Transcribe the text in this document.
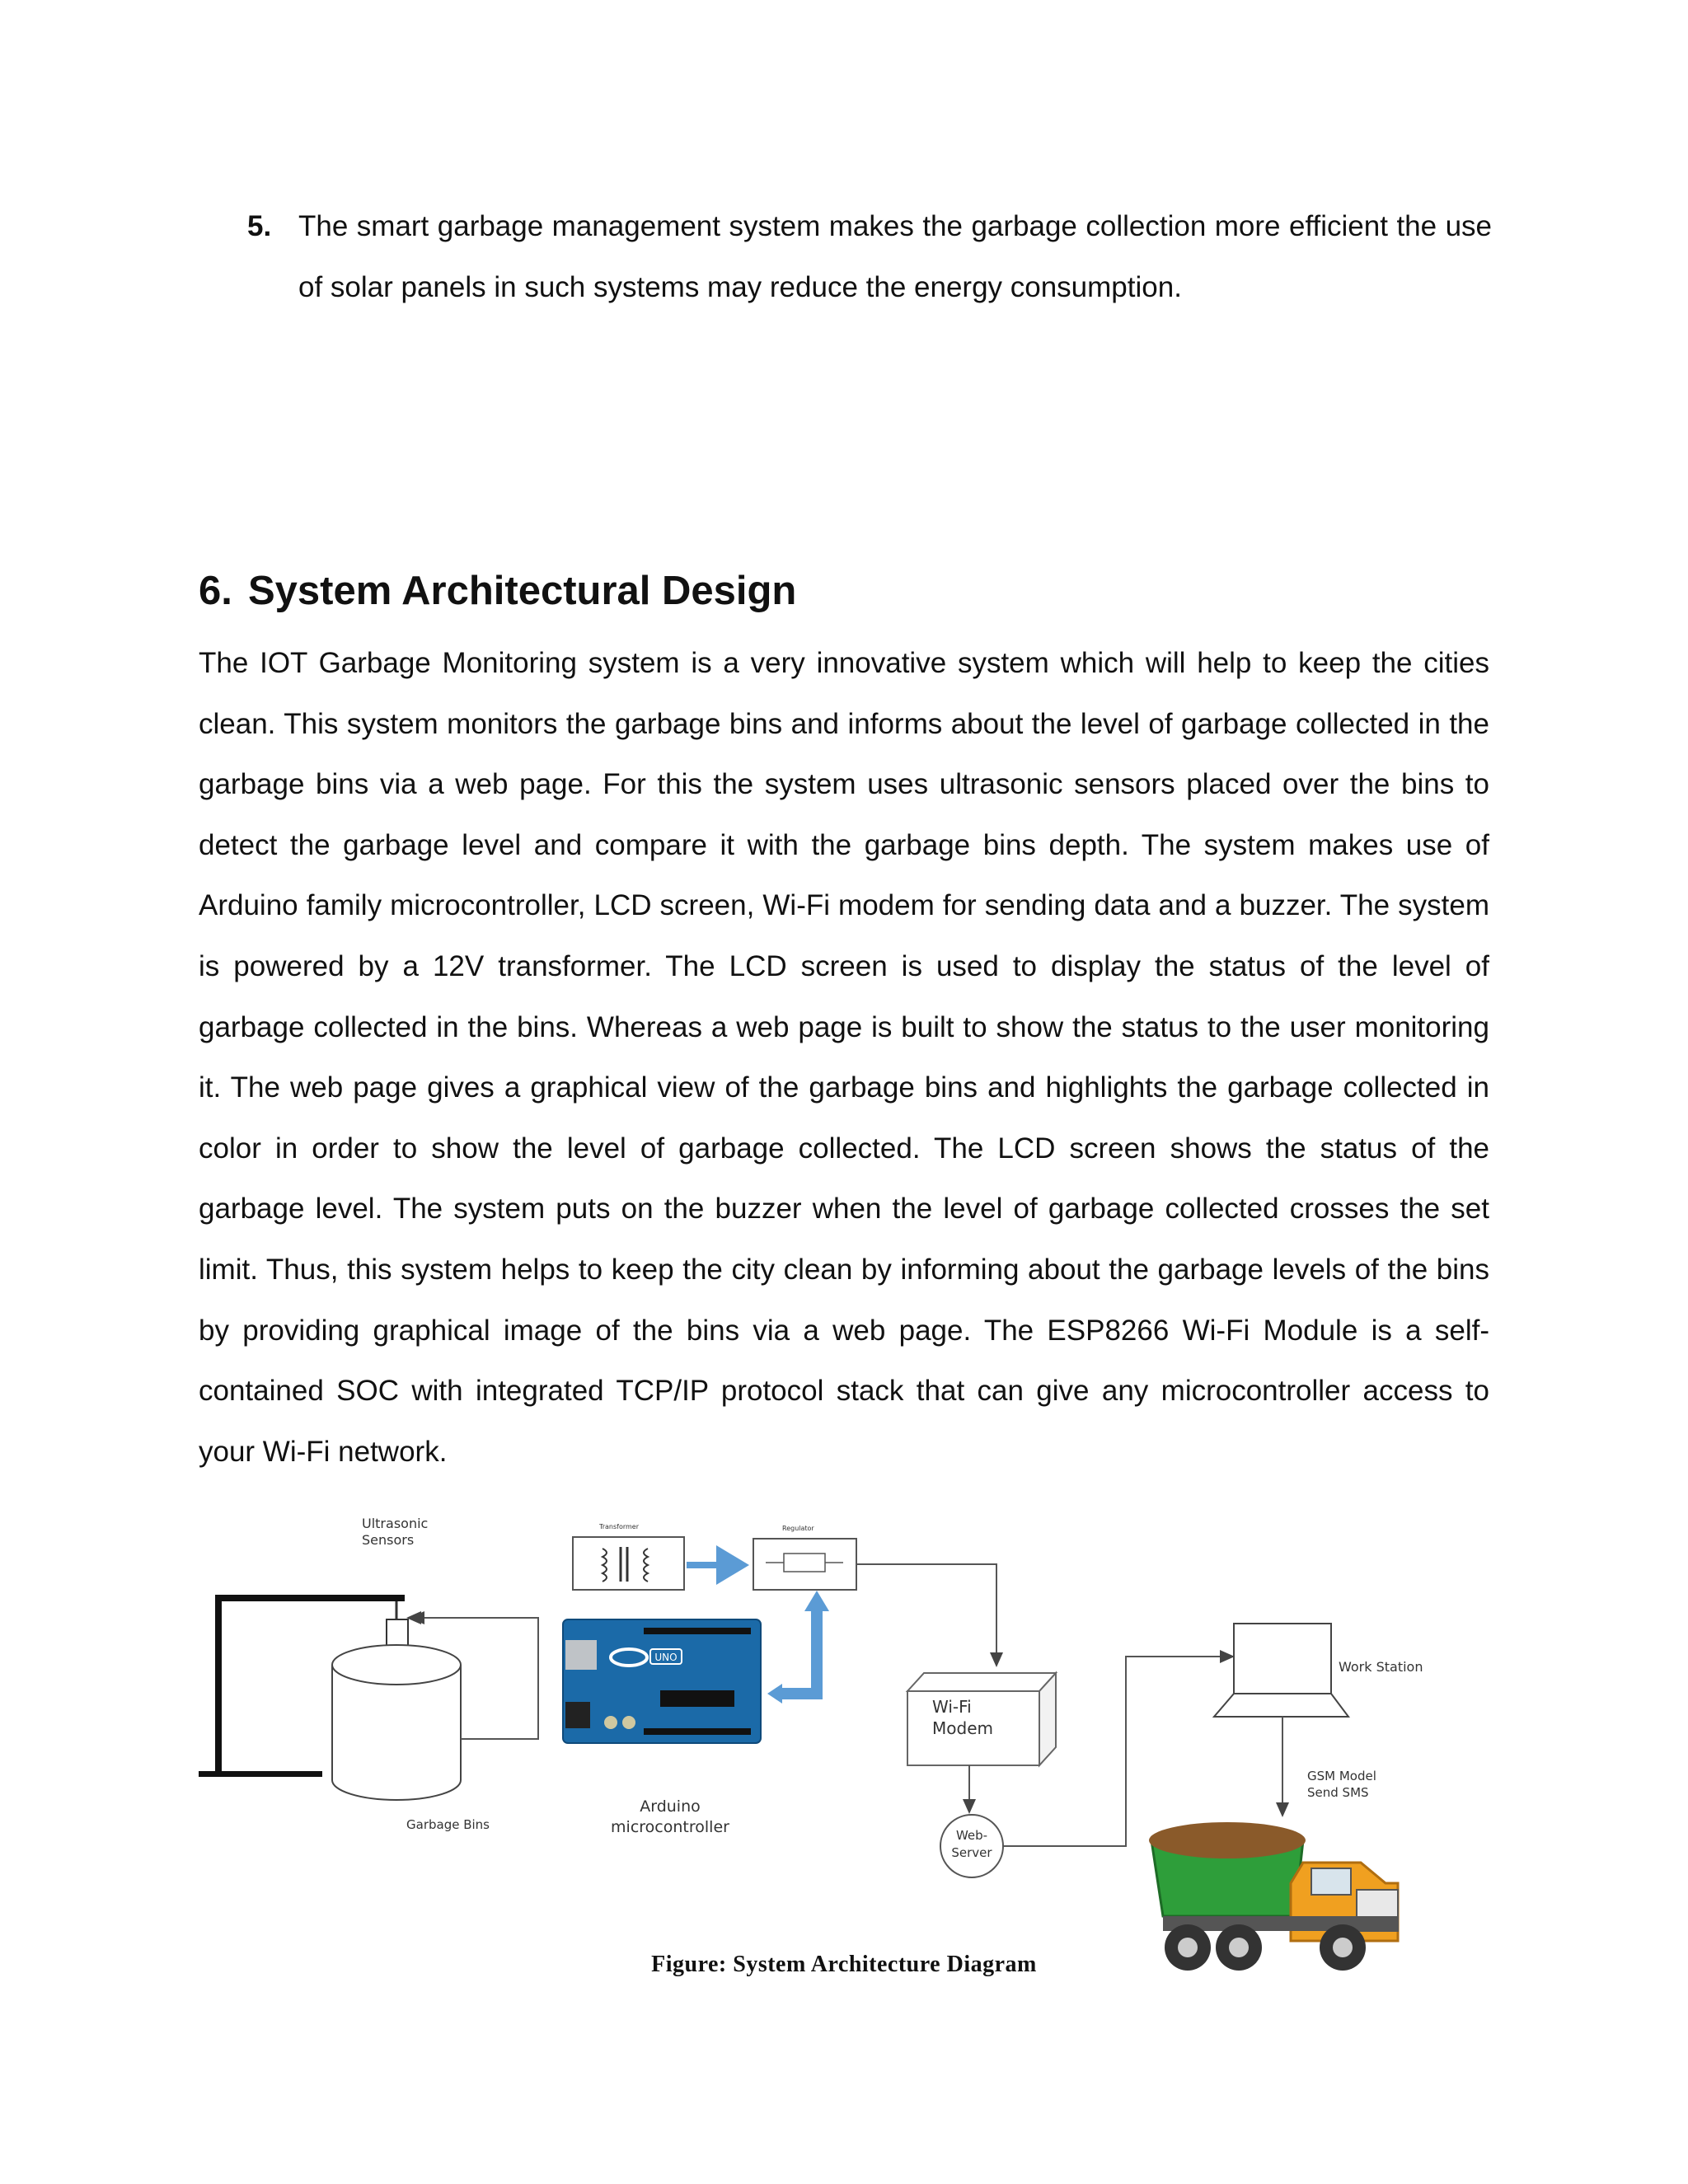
5. The smart garbage management system makes the garbage collection more efficient the use of solar panels in such systems may reduce the energy consumption.
6. System Architectural Design
The IOT Garbage Monitoring system is a very innovative system which will help to keep the cities clean. This system monitors the garbage bins and informs about the level of garbage collected in the garbage bins via a web page. For this the system uses ultrasonic sensors placed over the bins to detect the garbage level and compare it with the garbage bins depth. The system makes use of Arduino family microcontroller, LCD screen, Wi-Fi modem for sending data and a buzzer. The system is powered by a 12V transformer. The LCD screen is used to display the status of the level of garbage collected in the bins. Whereas a web page is built to show the status to the user monitoring it. The web page gives a graphical view of the garbage bins and highlights the garbage collected in color in order to show the level of garbage collected. The LCD screen shows the status of the garbage level. The system puts on the buzzer when the level of garbage collected crosses the set limit. Thus, this system helps to keep the city clean by informing about the garbage levels of the bins by providing graphical image of the bins via a web page. The ESP8266 Wi-Fi Module is a self-contained SOC with integrated TCP/IP protocol stack that can give any microcontroller access to your Wi-Fi network.
UNO
Ultrasonic
Sensors
Transformer	Regulator
Wi-Fi
Modem
Work Station
GSM Model
Send SMS
Arduino
microcontroller
Garbage Bins
Web-
Server
Figure: System Architecture Diagram
